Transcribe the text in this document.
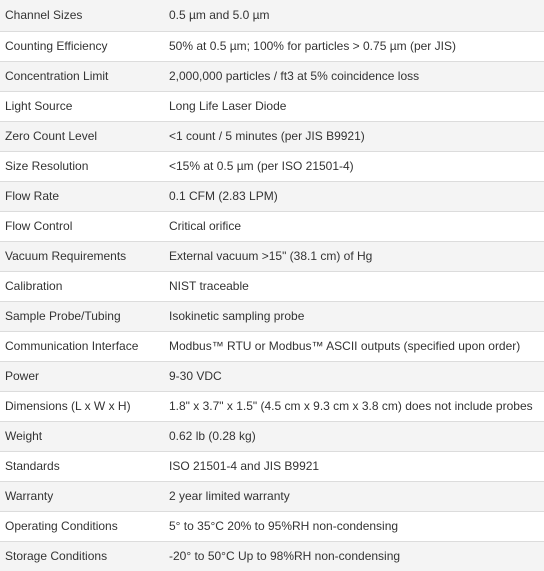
Channel Sizes	0.5 µm and 5.0 µm
Counting Efficiency	50% at 0.5 µm; 100% for particles > 0.75 µm (per JIS)
Concentration Limit	2,000,000 particles / ft3 at 5% coincidence loss
Light Source	Long Life Laser Diode
Zero Count Level	<1 count / 5 minutes (per JIS B9921)
Size Resolution	<15% at 0.5 µm (per ISO 21501-4)
Flow Rate	0.1 CFM (2.83 LPM)
Flow Control	Critical orifice
Vacuum Requirements	External vacuum >15" (38.1 cm) of Hg
Calibration	NIST traceable
Sample Probe/Tubing	Isokinetic sampling probe
Communication Interface	Modbus™ RTU or Modbus™ ASCII outputs (specified upon order)
Power	9-30 VDC
Dimensions (L x W x H)	1.8" x 3.7" x 1.5" (4.5 cm x 9.3 cm x 3.8 cm) does not include probes
Weight	0.62 lb (0.28 kg)
Standards	ISO 21501-4 and JIS B9921
Warranty	2 year limited warranty
Operating Conditions	5° to 35°C 20% to 95%RH non-condensing
Storage Conditions	-20° to 50°C Up to 98%RH non-condensing
